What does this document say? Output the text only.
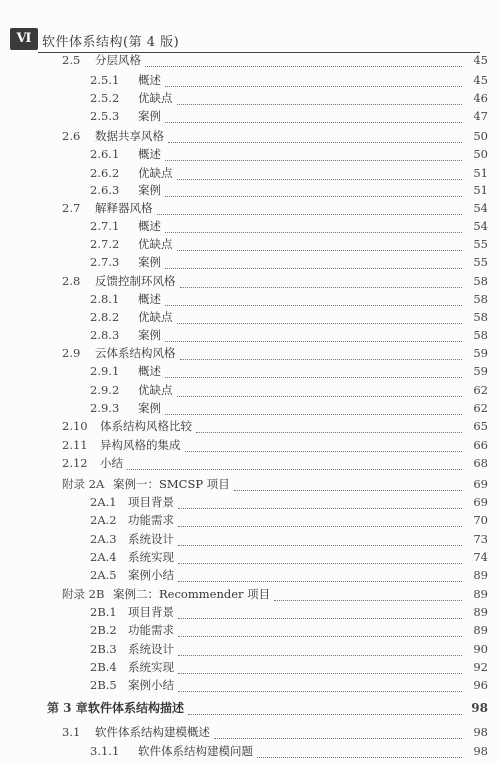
Ⅵ 软件体系结构(第 4 版)
2.5	分层风格	45
2.5.1	概述	45
2.5.2	优缺点	46
2.5.3	案例	47
2.6	数据共享风格	50
2.6.1	概述	50
2.6.2	优缺点	51
2.6.3	案例	51
2.7	解释器风格	54
2.7.1	概述	54
2.7.2	优缺点	55
2.7.3	案例	55
2.8	反馈控制环风格	58
2.8.1	概述	58
2.8.2	优缺点	58
2.8.3	案例	58
2.9	云体系结构风格	59
2.9.1	概述	59
2.9.2	优缺点	62
2.9.3	案例	62
2.10	体系结构风格比较	65
2.11	异构风格的集成	66
2.12	小结	68
附录 2A 案例一：SMCSP 项目	69
2A.1 项目背景	69
2A.2 功能需求	70
2A.3 系统设计	73
2A.4 系统实现	74
2A.5 案例小结	89
附录 2B 案例二：Recommender 项目	89
2B.1 项目背景	89
2B.2 功能需求	89
2B.3 系统设计	90
2B.4 系统实现	92
2B.5 案例小结	96
第 3 章 软件体系结构描述	98
3.1	软件体系结构建模概述	98
3.1.1	软件体系结构建模问题	98
